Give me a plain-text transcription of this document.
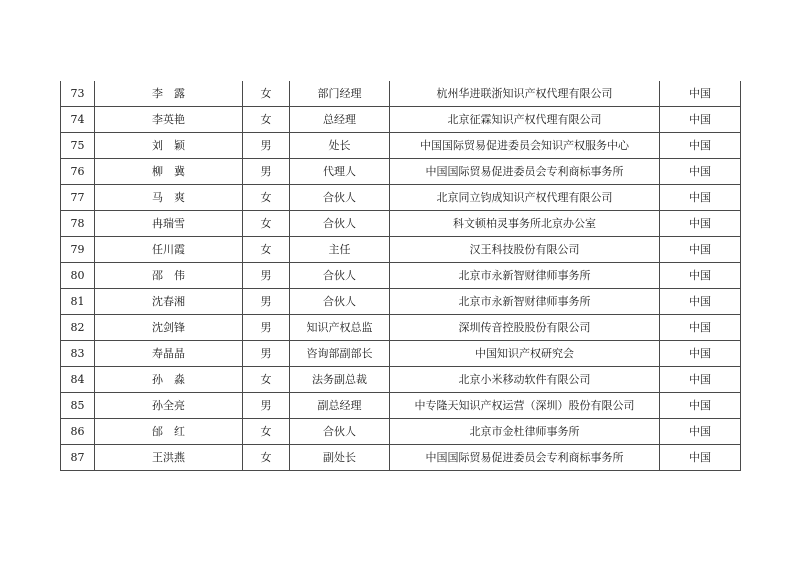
73	李　露	女	部门经理	杭州华进联浙知识产权代理有限公司	中国
74	李英艳	女	总经理	北京征霖知识产权代理有限公司	中国
75	刘　颖	男	处长	中国国际贸易促进委员会知识产权服务中心	中国
76	柳　冀	男	代理人	中国国际贸易促进委员会专利商标事务所	中国
77	马　爽	女	合伙人	北京同立钧成知识产权代理有限公司	中国
78	冉瑞雪	女	合伙人	科文顿柏灵事务所北京办公室	中国
79	任川霞	女	主任	汉王科技股份有限公司	中国
80	邵　伟	男	合伙人	北京市永新智财律师事务所	中国
81	沈春湘	男	合伙人	北京市永新智财律师事务所	中国
82	沈剑锋	男	知识产权总监	深圳传音控股股份有限公司	中国
83	寿晶晶	男	咨询部副部长	中国知识产权研究会	中国
84	孙　淼	女	法务副总裁	北京小米移动软件有限公司	中国
85	孙全亮	男	副总经理	中专隆天知识产权运营（深圳）股份有限公司	中国
86	邰　红	女	合伙人	北京市金杜律师事务所	中国
87	王洪燕	女	副处长	中国国际贸易促进委员会专利商标事务所	中国
